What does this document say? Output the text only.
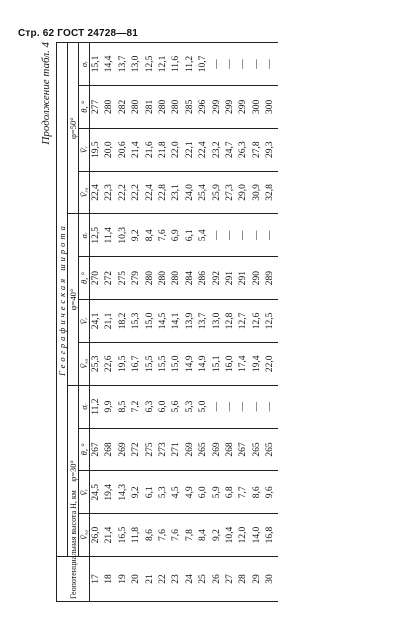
Стр. 62 ГОСТ 24728—81
Продолжение табл. 4
Геопотенциальная высота H, км	Географическая широта											
	φ=30°				φ=40°				φ=50°			
	V̄ₓₐ	V̄ᵣ	θ, °	σᵣ	V̄ₓₐ	V̄ᵣ	θ, °	σᵣ	V̄ₓₐ	V̄ᵣ	θ, °	σᵣ
17	26,0	24,5	267	11,2	25,3	24,1	270	12,5	22,4	19,5	277	15,1
18	21,4	19,4	268	9,9	22,6	21,1	272	11,4	22,3	20,0	280	14,4
19	16,5	14,3	269	8,5	19,5	18,2	275	10,3	22,2	20,6	282	13,7
20	11,8	9,2	272	7,2	16,7	15,3	279	9,2	22,2	21,4	280	13,0
21	8,6	6,1	275	6,3	15,5	15,0	280	8,4	22,4	21,6	281	12,5
22	7,6	5,3	273	6,0	15,5	14,5	280	7,6	22,8	21,8	280	12,1
23	7,6	4,5	271	5,6	15,0	14,1	280	6,9	23,1	22,0	280	11,6
24	7,8	4,9	269	5,3	14,9	13,9	284	6,1	24,0	22,1	285	11,2
25	8,4	6,0	265	5,0	14,9	13,7	286	5,4	25,4	22,4	296	10,7
26	9,2	5,9	269	—	15,1	13,0	292	—	25,9	23,2	299	—
27	10,4	6,8	268	—	16,0	12,8	291	—	27,3	24,7	299	—
28	12,0	7,7	267	—	17,4	12,7	291	—	29,0	26,3	299	—
29	14,0	8,6	265	—	19,4	12,6	290	—	30,9	27,8	300	—
30	16,8	9,6	265	—	22,0	12,5	289	—	32,8	29,3	300	—
